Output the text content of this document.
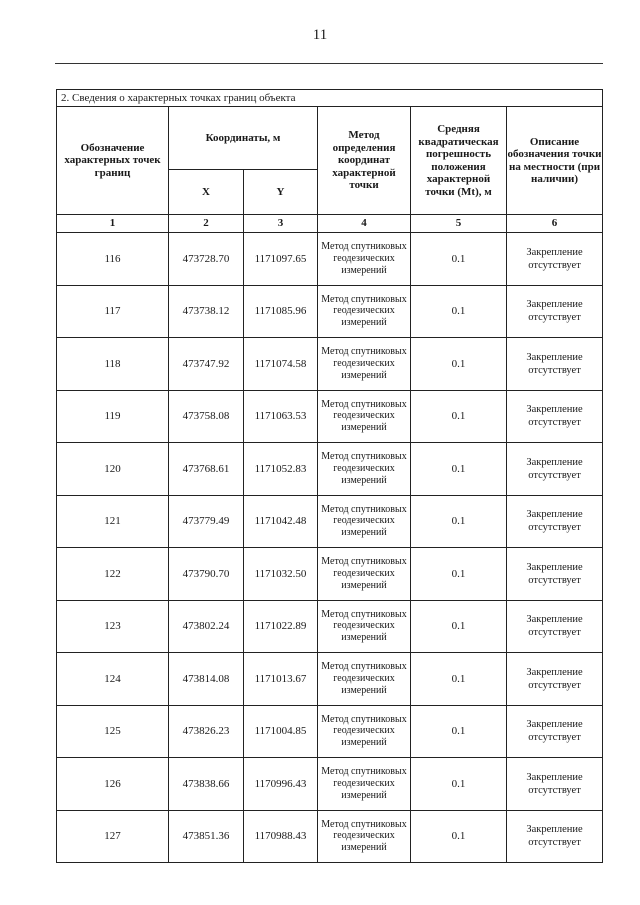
11
2. Сведения о характерных точках границ объекта					
Обозначение характерных точек границ	Координаты, м		Метод определения координат характерной точки	Средняя квадратическая погрешность положения характерной точки (Mt), м	Описание обозначения точки на местности (при наличии)
	X	Y			
1	2	3	4	5	6
116	473728.70	1171097.65	Метод спутниковых геодезических измерений	0.1	Закрепление отсутствует
117	473738.12	1171085.96	Метод спутниковых геодезических измерений	0.1	Закрепление отсутствует
118	473747.92	1171074.58	Метод спутниковых геодезических измерений	0.1	Закрепление отсутствует
119	473758.08	1171063.53	Метод спутниковых геодезических измерений	0.1	Закрепление отсутствует
120	473768.61	1171052.83	Метод спутниковых геодезических измерений	0.1	Закрепление отсутствует
121	473779.49	1171042.48	Метод спутниковых геодезических измерений	0.1	Закрепление отсутствует
122	473790.70	1171032.50	Метод спутниковых геодезических измерений	0.1	Закрепление отсутствует
123	473802.24	1171022.89	Метод спутниковых геодезических измерений	0.1	Закрепление отсутствует
124	473814.08	1171013.67	Метод спутниковых геодезических измерений	0.1	Закрепление отсутствует
125	473826.23	1171004.85	Метод спутниковых геодезических измерений	0.1	Закрепление отсутствует
126	473838.66	1170996.43	Метод спутниковых геодезических измерений	0.1	Закрепление отсутствует
127	473851.36	1170988.43	Метод спутниковых геодезических измерений	0.1	Закрепление отсутствует
